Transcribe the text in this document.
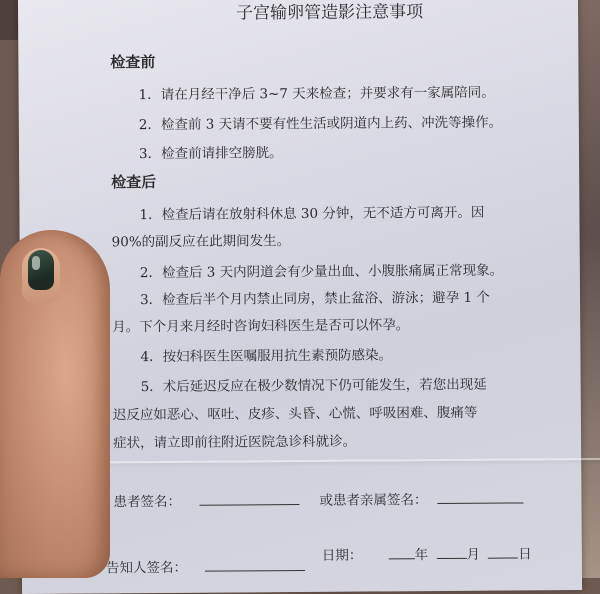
子宫输卵管造影注意事项
检查前
1．请在月经干净后 3~7 天来检查；并要求有一家属陪同。
2．检查前 3 天请不要有性生活或阴道内上药、冲洗等操作。
3．检查前请排空膀胱。
检查后
1．检查后请在放射科休息 30 分钟，无不适方可离开。因
90%的副反应在此期间发生。
2．检查后 3 天内阴道会有少量出血、小腹胀痛属正常现象。
3．检查后半个月内禁止同房，禁止盆浴、游泳；避孕 1 个
月。下个月来月经时咨询妇科医生是否可以怀孕。
4．按妇科医生医嘱服用抗生素预防感染。
5．术后延迟反应在极少数情况下仍可能发生，若您出现延
迟反应如恶心、呕吐、皮疹、头昏、心慌、呼吸困难、腹痛等
症状，请立即前往附近医院急诊科就诊。
患者签名：	或患者亲属签名：
告知人签名：
日期：	年	月	日
